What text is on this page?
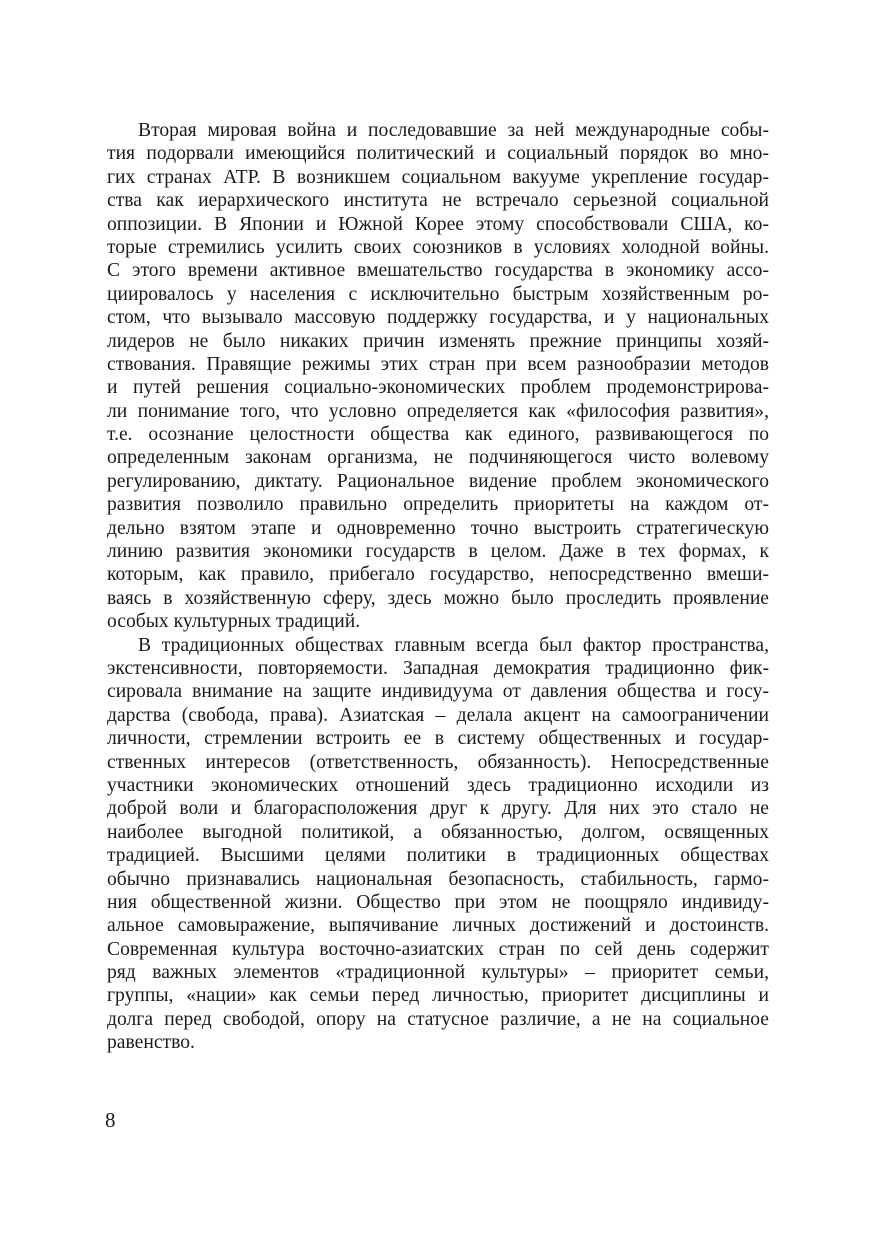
Вторая мировая война и последовавшие за ней международные собы-
тия подорвали имеющийся политический и социальный порядок во мно-
гих странах АТР. В возникшем социальном вакууме укрепление государ-
ства как иерархического института не встречало серьезной социальной
оппозиции. В Японии и Южной Корее этому способствовали США, ко-
торые стремились усилить своих союзников в условиях холодной войны.
С этого времени активное вмешательство государства в экономику ассо-
циировалось у населения с исключительно быстрым хозяйственным ро-
стом, что вызывало массовую поддержку государства, и у национальных
лидеров не было никаких причин изменять прежние принципы хозяй-
ствования. Правящие режимы этих стран при всем разнообразии методов
и путей решения социально-экономических проблем продемонстрирова-
ли понимание того, что условно определяется как «философия развития»,
т.е. осознание целостности общества как единого, развивающегося по
определенным законам организма, не подчиняющегося чисто волевому
регулированию, диктату. Рациональное видение проблем экономического
развития позволило правильно определить приоритеты на каждом от-
дельно взятом этапе и одновременно точно выстроить стратегическую
линию развития экономики государств в целом. Даже в тех формах, к
которым, как правило, прибегало государство, непосредственно вмеши-
ваясь в хозяйственную сферу, здесь можно было проследить проявление
особых культурных традиций.
В традиционных обществах главным всегда был фактор пространства,
экстенсивности, повторяемости. Западная демократия традиционно фик-
сировала внимание на защите индивидуума от давления общества и госу-
дарства (свобода, права). Азиатская – делала акцент на самоограничении
личности, стремлении встроить ее в систему общественных и государ-
ственных интересов (ответственность, обязанность). Непосредственные
участники экономических отношений здесь традиционно исходили из
доброй воли и благорасположения друг к другу. Для них это стало не
наиболее выгодной политикой, а обязанностью, долгом, освященных
традицией. Высшими целями политики в традиционных обществах
обычно признавались национальная безопасность, стабильность, гармо-
ния общественной жизни. Общество при этом не поощряло индивиду-
альное самовыражение, выпячивание личных достижений и достоинств.
Современная культура восточно-азиатских стран по сей день содержит
ряд важных элементов «традиционной культуры» – приоритет семьи,
группы, «нации» как семьи перед личностью, приоритет дисциплины и
долга перед свободой, опору на статусное различие, а не на социальное
равенство.
8
